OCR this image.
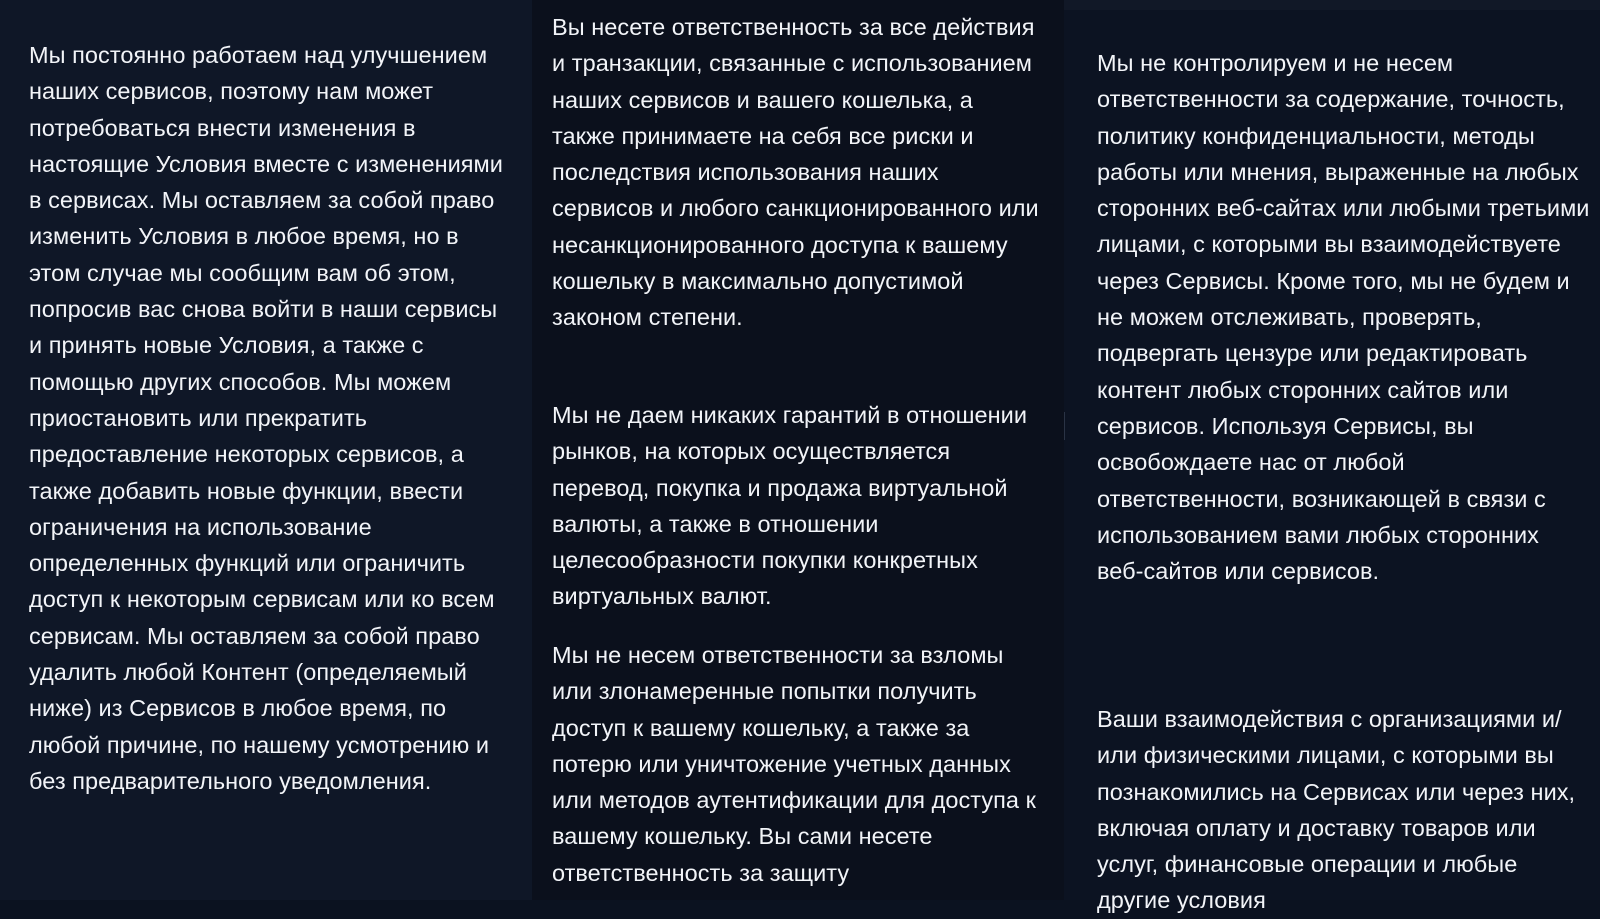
Мы постоянно работаем над улучшением наших сервисов, поэтому нам может потребоваться внести изменения в настоящие Условия вместе с изменениями в сервисах. Мы оставляем за собой право изменить Условия в любое время, но в этом случае мы сообщим вам об этом, попросив вас снова войти в наши сервисы и принять новые Условия, а также с помощью других способов. Мы можем приостановить или прекратить предоставление некоторых сервисов, а также добавить новые функции, ввести ограничения на использование определенных функций или ограничить доступ к некоторым сервисам или ко всем сервисам. Мы оставляем за собой право удалить любой Контент (определяемый ниже) из Сервисов в любое время, по любой причине, по нашему усмотрению и без предварительного уведомления.

Вы несете ответственность за все действия и транзакции, связанные с использованием наших сервисов и вашего кошелька, а также принимаете на себя все риски и последствия использования наших сервисов и любого санкционированного или несанкционированного доступа к вашему кошельку в максимально допустимой законом степени.

Мы не даем никаких гарантий в отношении рынков, на которых осуществляется перевод, покупка и продажа виртуальной валюты, а также в отношении целесообразности покупки конкретных виртуальных валют.

Мы не несем ответственности за взломы или злонамеренные попытки получить доступ к вашему кошельку, а также за потерю или уничтожение учетных данных или методов аутентификации для доступа к вашему кошельку. Вы сами несете ответственность за защиту

Мы не контролируем и не несем ответственности за содержание, точность, политику конфиденциальности, методы работы или мнения, выраженные на любых сторонних веб-сайтах или любыми третьими лицами, с которыми вы взаимодействуете через Сервисы. Кроме того, мы не будем и не можем отслеживать, проверять, подвергать цензуре или редактировать контент любых сторонних сайтов или сервисов. Используя Сервисы, вы освобождаете нас от любой ответственности, возникающей в связи с использованием вами любых сторонних веб-сайтов или сервисов.

Ваши взаимодействия с организациями и/или физическими лицами, с которыми вы познакомились на Сервисах или через них, включая оплату и доставку товаров или услуг, финансовые операции и любые другие условия
